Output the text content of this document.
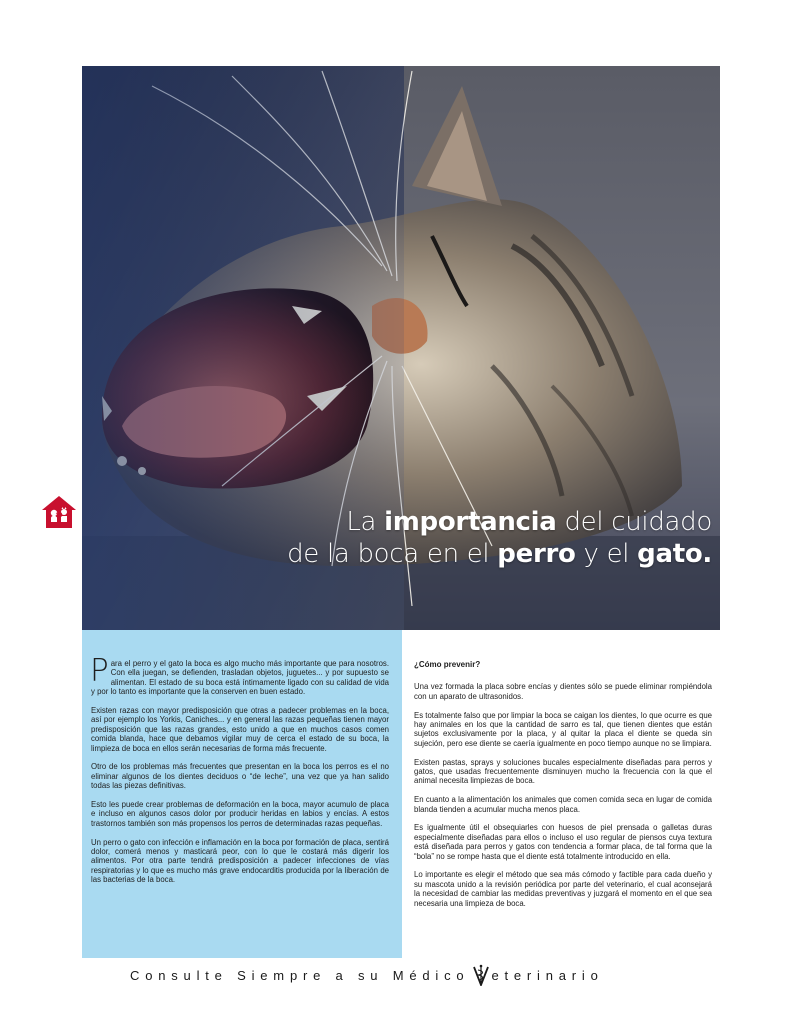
La importancia del cuidado
de la boca en el perro y el gato.
30

Para el perro y el gato la boca es algo mucho más importante que para nosotros. Con ella juegan, se defienden, trasladan objetos, juguetes... y por supuesto se alimentan. El estado de su boca está íntimamente ligado con su calidad de vida y por lo tanto es importante que la conserven en buen estado.

Existen razas con mayor predisposición que otras a padecer problemas en la boca, así por ejemplo los Yorkis, Caniches... y en general las razas pequeñas tienen mayor predisposición que las razas grandes, esto unido a que en muchos casos comen comida blanda, hace que debamos vigilar muy de cerca el estado de su boca, la limpieza de boca en ellos serán necesarias de forma más frecuente.

Otro de los problemas más frecuentes que presentan en la boca los perros es el no eliminar algunos de los dientes deciduos o “de leche”, una vez que ya han salido todas las piezas definitivas.

Esto les puede crear problemas de deformación en la boca, mayor acumulo de placa e incluso en algunos casos dolor por producir heridas en labios y encías. A estos trastornos también son más propensos los perros de determinadas razas pequeñas.

Un perro o gato con infección e inflamación en la boca por formación de placa, sentirá dolor, comerá menos y masticará peor, con lo que le costará más digerir los alimentos. Por otra parte tendrá predisposición a padecer infecciones de vías respiratorias y lo que es mucho más grave endocarditis producida por la liberación de las bacterias de la boca.

¿Cómo prevenir?

Una vez formada la placa sobre encías y dientes sólo se puede eliminar rompiéndola con un aparato de ultrasonidos.

Es totalmente falso que por limpiar la boca se caigan los dientes, lo que ocurre es que hay animales en los que la cantidad de sarro es tal, que tienen dientes que están sujetos exclusivamente por la placa, y al quitar la placa el diente se queda sin sujeción, pero ese diente se caería igualmente en poco tiempo aunque no se limpiara.

Existen pastas, sprays y soluciones bucales especialmente diseñadas para perros y gatos, que usadas frecuentemente disminuyen mucho la frecuencia con la que el animal necesita limpiezas de boca.

En cuanto a la alimentación los animales que comen comida seca en lugar de comida blanda tienden a acumular mucha menos placa.

Es igualmente útil el obsequiarles con huesos de piel prensada o galletas duras especialmente diseñadas para ellos o incluso el uso regular de piensos cuya textura está diseñada para perros y gatos con tendencia a formar placa, de tal forma que la “bola” no se rompe hasta que el diente está totalmente introducido en ella.

Lo importante es elegir el método que sea más cómodo y factible para cada dueño y su mascota unido a la revisión periódica por parte del veterinario, el cual aconsejará la necesidad de cambiar las medidas preventivas y juzgará el momento en el que sea necesaria una limpieza de boca.

Consulte Siempre a su Médico eterinario
